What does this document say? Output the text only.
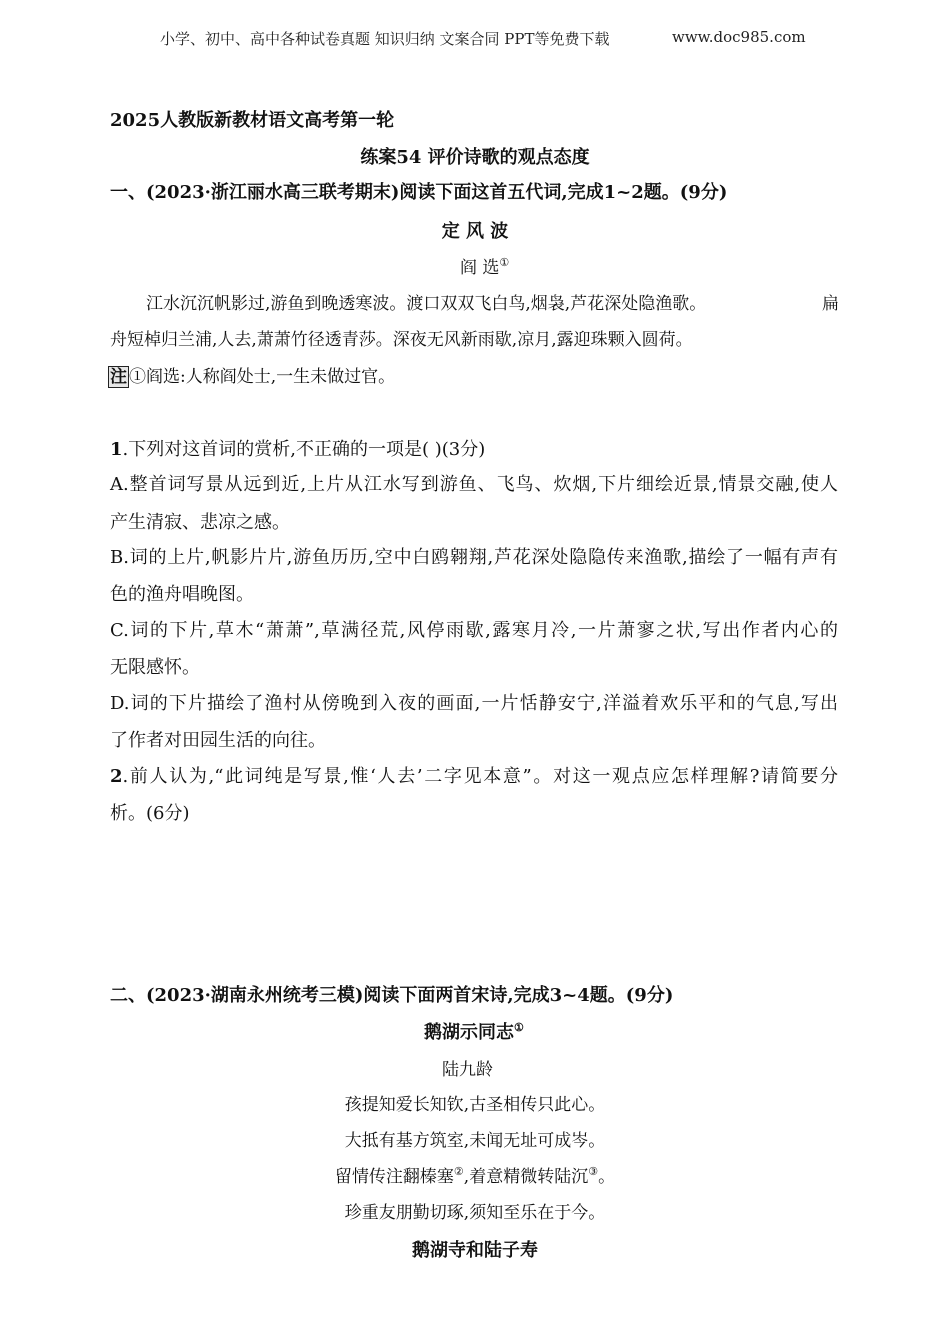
小学、初中、高中各种试卷真题 知识归纳 文案合同 PPT等免费下载	www.doc985.com
2025人教版新教材语文高考第一轮
练案54 评价诗歌的观点态度
一、(2023·浙江丽水高三联考期末)阅读下面这首五代词,完成1~2题。(9分)
定 风 波
阎 选①
江水沉沉帆影过,游鱼到晚透寒波。渡口双双飞白鸟,烟袅,芦花深处隐渔歌。	扁
舟短棹归兰浦,人去,萧萧竹径透青莎。深夜无风新雨歇,凉月,露迎珠颗入圆荷。
注 ①阎选:人称阎处士,一生未做过官。
1.下列对这首词的赏析,不正确的一项是( )(3分)
A.整首词写景从远到近,上片从江水写到游鱼、飞鸟、炊烟,下片细绘近景,情景交融,使人
产生清寂、悲凉之感。
B.词的上片,帆影片片,游鱼历历,空中白鸥翱翔,芦花深处隐隐传来渔歌,描绘了一幅有声有
色的渔舟唱晚图。
C.词的下片,草木“萧萧”,草满径荒,风停雨歇,露寒月冷,一片萧寥之状,写出作者内心的
无限感怀。
D.词的下片描绘了渔村从傍晚到入夜的画面,一片恬静安宁,洋溢着欢乐平和的气息,写出
了作者对田园生活的向往。
2.前人认为,“此词纯是写景,惟‘人去’二字见本意”。对这一观点应怎样理解?请简要分
析。(6分)
二、(2023·湖南永州统考三模)阅读下面两首宋诗,完成3~4题。(9分)
鹅湖示同志①
陆九龄
孩提知爱长知钦,古圣相传只此心。
大抵有基方筑室,未闻无址可成岑。
留情传注翻榛塞②,着意精微转陆沉③。
珍重友朋勤切琢,须知至乐在于今。
鹅湖寺和陆子寿
